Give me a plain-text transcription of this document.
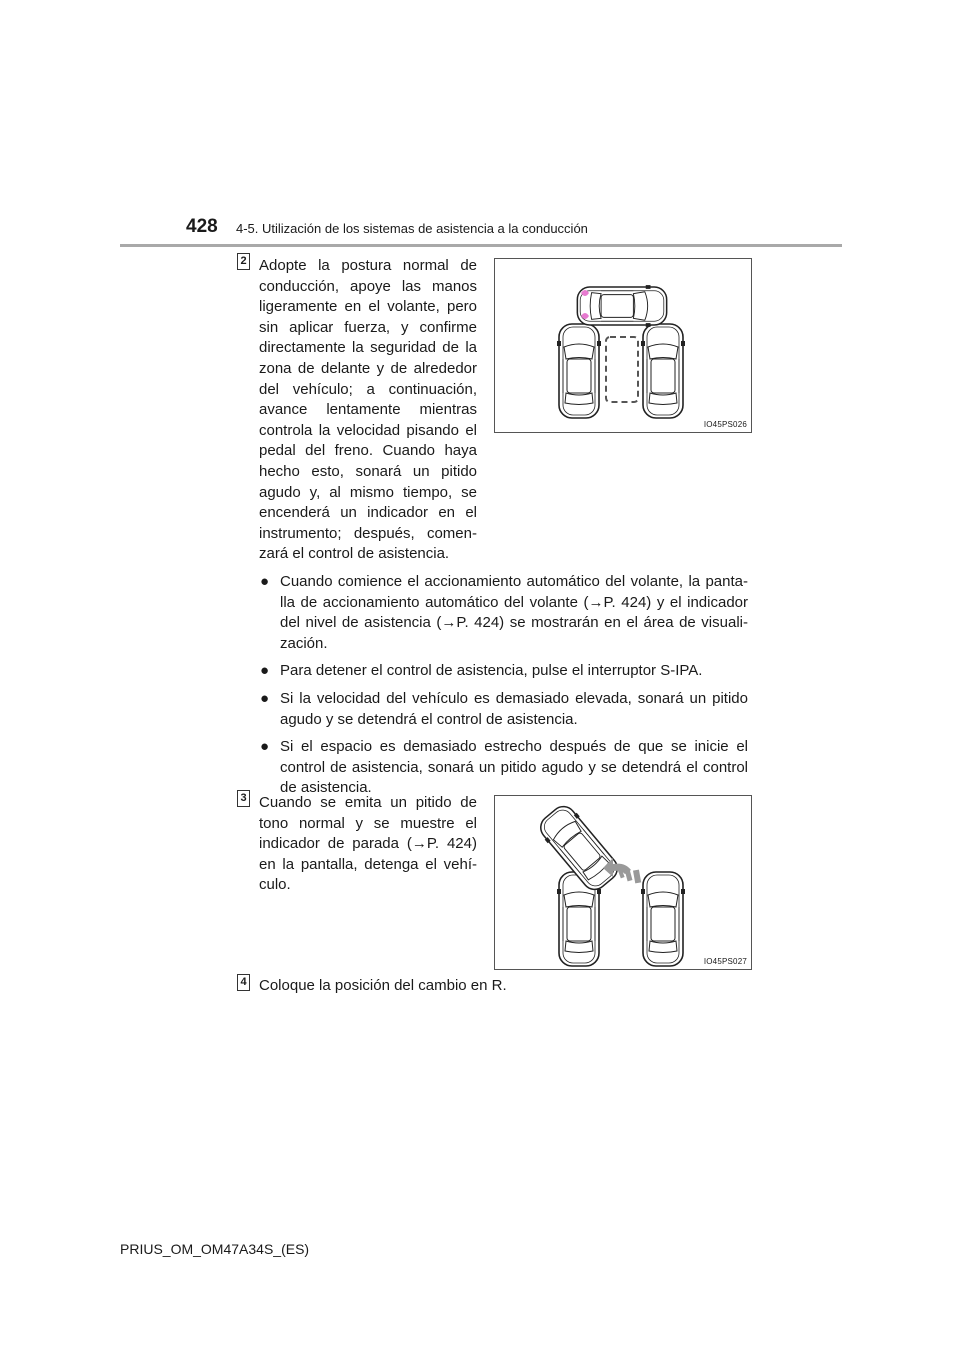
428 4-5. Utilización de los sistemas de asistencia a la conducción
2 Adopte la postura normal de conducción, apoye las manos ligeramente en el volante, pero sin aplicar fuerza, y confirme directamente la seguridad de la zona de delante y de alrededor del vehículo; a continuación, avance lentamente mientras controla la velocidad pisando el pedal del freno. Cuando haya hecho esto, sonará un pitido agudo y, al mismo tiempo, se encenderá un indicador en el instrumento; después, comen-zará el control de asistencia.

IO45PS026
● Cuando comience el accionamiento automático del volante, la panta-lla de accionamiento automático del volante (→P. 424) y el indicador del nivel de asistencia (→P. 424) se mostrarán en el área de visuali-zación.
● Para detener el control de asistencia, pulse el interruptor S-IPA.
● Si la velocidad del vehículo es demasiado elevada, sonará un pitido agudo y se detendrá el control de asistencia.
● Si el espacio es demasiado estrecho después de que se inicie el control de asistencia, sonará un pitido agudo y se detendrá el control de asistencia.
3 Cuando se emita un pitido de tono normal y se muestre el indicador de parada (→P. 424) en la pantalla, detenga el vehí-culo.

IO45PS027
4 Coloque la posición del cambio en R.

PRIUS_OM_OM47A34S_(ES)
